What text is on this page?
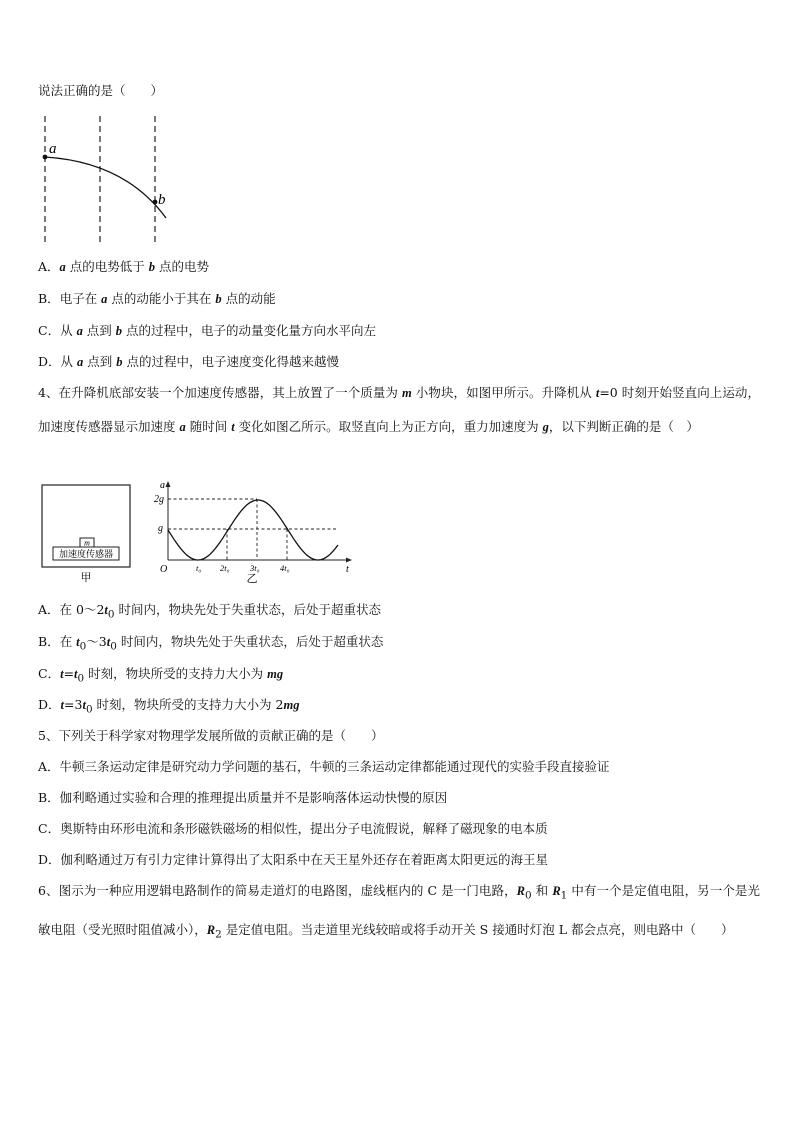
说法正确的是（　　）
a
b
A．a 点的电势低于 b 点的电势
B．电子在 a 点的动能小于其在 b 点的动能
C．从 a 点到 b 点的过程中，电子的动量变化量方向水平向左
D．从 a 点到 b 点的过程中，电子速度变化得越来越慢
4、在升降机底部安装一个加速度传感器，其上放置了一个质量为 m 小物块，如图甲所示。升降机从 t=0 时刻开始竖直向上运动，加速度传感器显示加速度 a 随时间 t 变化如图乙所示。取竖直向上为正方向，重力加速度为 g，以下判断正确的是（　）
m
加速度传感器
甲
a
t
O
2g
g
t₀ 2t₀ 3t₀ 4t₀
乙
A．在 $0\sim 2t_0$ 时间内，物块先处于失重状态，后处于超重状态
B．在 $t_0\sim 3t_0$ 时间内，物块先处于失重状态，后处于超重状态
C．$t=t_0$ 时刻，物块所受的支持力大小为 mg
D．$t=3t_0$ 时刻，物块所受的支持力大小为 2mg
5、下列关于科学家对物理学发展所做的贡献正确的是（　　）
A．牛顿三条运动定律是研究动力学问题的基石，牛顿的三条运动定律都能通过现代的实验手段直接验证
B．伽利略通过实验和合理的推理提出质量并不是影响落体运动快慢的原因
C．奥斯特由环形电流和条形磁铁磁场的相似性，提出分子电流假说，解释了磁现象的电本质
D．伽利略通过万有引力定律计算得出了太阳系中在天王星外还存在着距离太阳更远的海王星
6、图示为一种应用逻辑电路制作的简易走道灯的电路图，虚线框内的 C 是一门电路，$R_0$ 和 $R_1$ 中有一个是定值电阻，另一个是光敏电阻（受光照时阻值减小），$R_2$ 是定值电阻。当走道里光线较暗或将手动开关 S 接通时灯泡 L 都会点亮，则电路中（　　）
